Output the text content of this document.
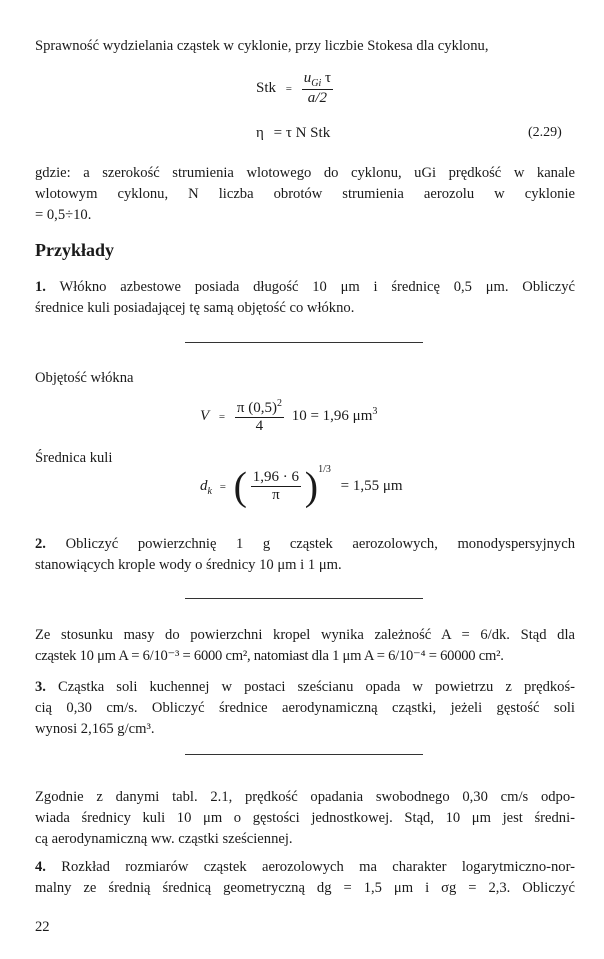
Sprawność wydzielania cząstek w cyklonie, przy liczbie Stokesa dla cyklonu,

Stk = $\frac{u_{Gi} \tau}{a/2}$
η = τ N Stk	(2.29)
gdzie: a szerokość strumienia wlotowego do cyklonu, uGi prędkość w kanale
wlotowym cyklonu, N liczba obrotów strumienia aerozolu w cyklonie
= 0,5÷10.
Przykłady
1. Włókno azbestowe posiada długość 10 μm i średnicę 0,5 μm. Obliczyć
średnice kuli posiadającej tę samą objętość co włókno.
Objętość włókna
$V = \frac{\pi (0,5)^2}{4} 10 = 1,96$ $\mu m^3$
Średnica kuli
$d_k$ = ( $\frac{1,96 \cdot 6}{\pi} )^{1/3} = 1,55$ μm
2. Obliczyć powierzchnię 1 g cząstek aerozolowych, monodyspersyjnych
stanowiących krople wody o średnicy 10 μm i 1 μm.
Ze stosunku masy do powierzchni kropel wynika zależność A = 6/dk. Stąd dla
cząstek 10 μm A = 6/10⁻³ = 6000 cm², natomiast dla 1 μm A = 6/10⁻⁴ = 60000 cm².
3. Cząstka soli kuchennej w postaci sześcianu opada w powietrzu z prędkoś-
cią 0,30 cm/s. Obliczyć średnice aerodynamiczną cząstki, jeżeli gęstość soli
wynosi 2,165 g/cm³.
Zgodnie z danymi tabl. 2.1, prędkość opadania swobodnego 0,30 cm/s odpo-
wiada średnicy kuli 10 μm o gęstości jednostkowej. Stąd, 10 μm jest średni-
cą aerodynamiczną ww. cząstki sześciennej.
4. Rozkład rozmiarów cząstek aerozolowych ma charakter logarytmiczno-nor-
malny ze średnią średnicą geometryczną dg = 1,5 μm i σg = 2,3. Obliczyć
22
